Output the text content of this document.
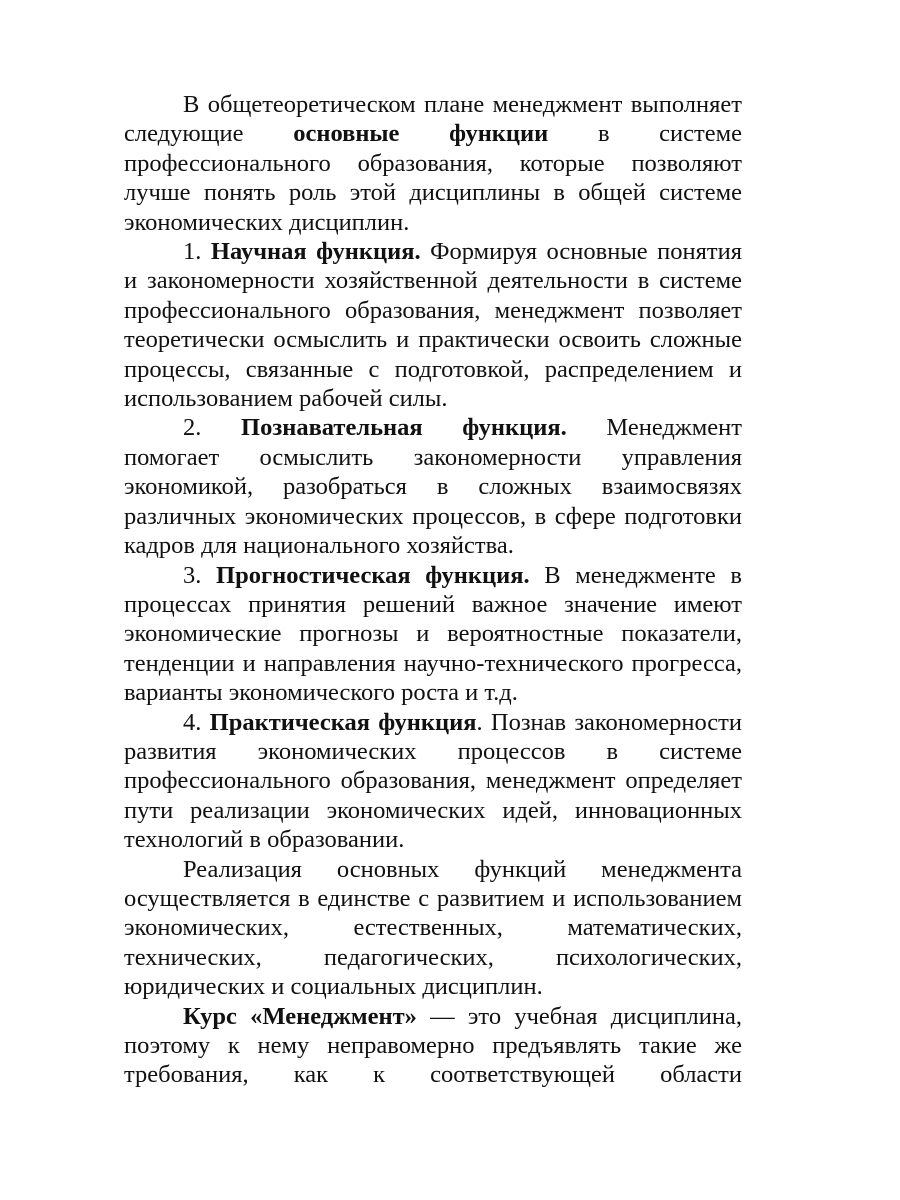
В общетеоретическом плане менеджмент выполняет следующие основные функции в системе профессионального образования, которые позволяют лучше понять роль этой дисциплины в общей системе экономических дисциплин.

1. Научная функция. Формируя основные понятия и закономерности хозяйственной деятельности в системе профессионального образования, менеджмент позволяет теоретически осмыслить и практически освоить сложные процессы, связанные с подготовкой, распределением и использованием рабочей силы.

2. Познавательная функция. Менеджмент помогает осмыслить закономерности управления экономикой, разобраться в сложных взаимосвязях различных экономических процессов, в сфере подготовки кадров для национального хозяйства.

3. Прогностическая функция. В менеджменте в процессах принятия решений важное значение имеют экономические прогнозы и вероятностные показатели, тенденции и направления научно-технического прогресса, варианты экономического роста и т.д.

4. Практическая функция. Познав закономерности развития экономических процессов в системе профессионального образования, менеджмент определяет пути реализации экономических идей, инновационных технологий в образовании.

Реализация основных функций менеджмента осуществляется в единстве с развитием и использованием экономических, естественных, математических, технических, педагогических, психологических, юридических и социальных дисциплин.

Курс «Менеджмент» — это учебная дисциплина, поэтому к нему неправомерно предъявлять такие же требования, как к соответствующей области
